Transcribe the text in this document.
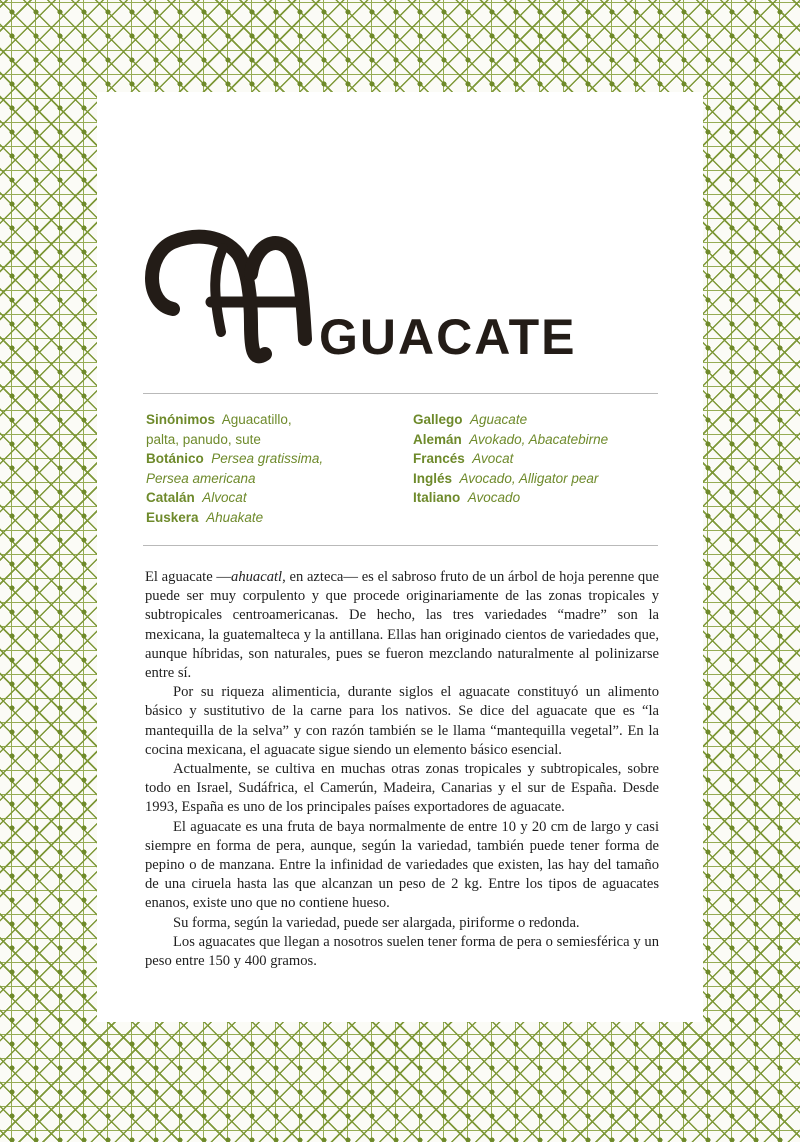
A
GUACATE

Sinónimos Aguacatillo,

palta, panudo, sute

Botánico Persea gratissima,

Persea americana

Catalán Alvocat

Euskera Ahuakate

Gallego Aguacate

Alemán Avokado, Abacatebirne

Francés Avocat

Inglés Avocado, Alligator pear

Italiano Avocado

El aguacate —ahuacatl, en azteca— es el sabroso fruto de un árbol de hoja perenne que puede ser muy corpulento y que procede originariamente de las zonas tropicales y subtropicales centroamericanas. De hecho, las tres variedades “madre” son la mexicana, la guatemalteca y la antillana. Ellas han originado cientos de variedades que, aunque híbridas, son naturales, pues se fueron mezclando naturalmente al polinizarse entre sí.

Por su riqueza alimenticia, durante siglos el aguacate constituyó un alimento básico y sustitutivo de la carne para los nativos. Se dice del aguacate que es “la mantequilla de la selva” y con razón también se le llama “mantequilla vegetal”. En la cocina mexicana, el aguacate sigue siendo un elemento básico esencial.

Actualmente, se cultiva en muchas otras zonas tropicales y subtropicales, sobre todo en Israel, Sudáfrica, el Camerún, Madeira, Canarias y el sur de España. Desde 1993, España es uno de los principales países exportadores de aguacate.

El aguacate es una fruta de baya normalmente de entre 10 y 20 cm de largo y casi siempre en forma de pera, aunque, según la variedad, también puede tener forma de pepino o de manzana. Entre la infinidad de variedades que existen, las hay del tamaño de una ciruela hasta las que alcanzan un peso de 2 kg. Entre los tipos de aguacates enanos, existe uno que no contiene hueso.

Su forma, según la variedad, puede ser alargada, piriforme o redonda.

Los aguacates que llegan a nosotros suelen tener forma de pera o semiesférica y un peso entre 150 y 400 gramos.
